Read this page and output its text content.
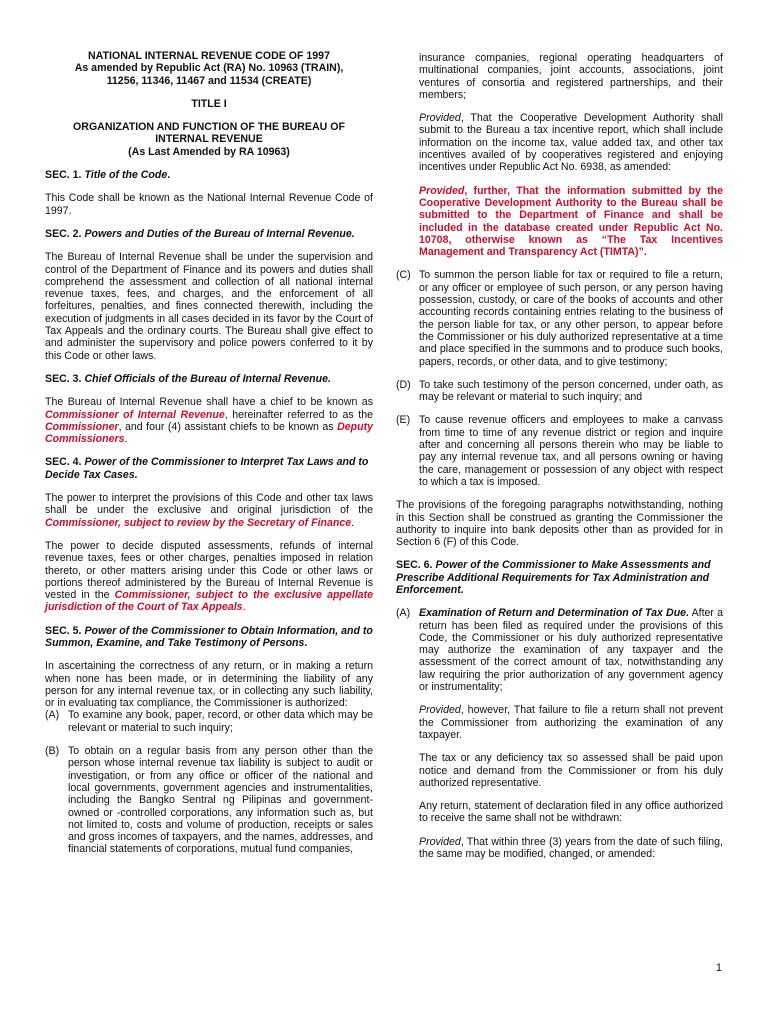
NATIONAL INTERNAL REVENUE CODE OF 1997
As amended by Republic Act (RA) No. 10963 (TRAIN),
11256, 11346, 11467 and 11534 (CREATE)
TITLE I
ORGANIZATION AND FUNCTION OF THE BUREAU OF INTERNAL REVENUE
(As Last Amended by RA 10963)
SEC. 1. Title of the Code.

This Code shall be known as the National Internal Revenue Code of 1997.

SEC. 2. Powers and Duties of the Bureau of Internal Revenue.

The Bureau of Internal Revenue shall be under the supervision and control of the Department of Finance and its powers and duties shall comprehend the assessment and collection of all national internal revenue taxes, fees, and charges, and the enforcement of all forfeitures, penalties, and fines connected therewith, including the execution of judgments in all cases decided in its favor by the Court of Tax Appeals and the ordinary courts. The Bureau shall give effect to and administer the supervisory and police powers conferred to it by this Code or other laws.

SEC. 3. Chief Officials of the Bureau of Internal Revenue.

The Bureau of Internal Revenue shall have a chief to be known as Commissioner of Internal Revenue, hereinafter referred to as the Commissioner, and four (4) assistant chiefs to be known as Deputy Commissioners.

SEC. 4. Power of the Commissioner to Interpret Tax Laws and to Decide Tax Cases.

The power to interpret the provisions of this Code and other tax laws shall be under the exclusive and original jurisdiction of the Commissioner, subject to review by the Secretary of Finance.

The power to decide disputed assessments, refunds of internal revenue taxes, fees or other charges, penalties imposed in relation thereto, or other matters arising under this Code or other laws or portions thereof administered by the Bureau of Internal Revenue is vested in the Commissioner, subject to the exclusive appellate jurisdiction of the Court of Tax Appeals.

SEC. 5. Power of the Commissioner to Obtain Information, and to Summon, Examine, and Take Testimony of Persons.

In ascertaining the correctness of any return, or in making a return when none has been made, or in determining the liability of any person for any internal revenue tax, or in collecting any such liability, or in evaluating tax compliance, the Commissioner is authorized:

(A) To examine any book, paper, record, or other data which may be relevant or material to such inquiry;
(B) To obtain on a regular basis from any person other than the person whose internal revenue tax liability is subject to audit or investigation, or from any office or officer of the national and local governments, government agencies and instrumentalities, including the Bangko Sentral ng Pilipinas and government-owned or -controlled corporations, any information such as, but not limited to, costs and volume of production, receipts or sales and gross incomes of taxpayers, and the names, addresses, and financial statements of corporations, mutual fund companies,

insurance companies, regional operating headquarters of multinational companies, joint accounts, associations, joint ventures of consortia and registered partnerships, and their members;

Provided, That the Cooperative Development Authority shall submit to the Bureau a tax incentive report, which shall include information on the income tax, value added tax, and other tax incentives availed of by cooperatives registered and enjoying incentives under Republic Act No. 6938, as amended:

Provided, further, That the information submitted by the Cooperative Development Authority to the Bureau shall be submitted to the Department of Finance and shall be included in the database created under Republic Act No. 10708, otherwise known as “The Tax Incentives Management and Transparency Act (TIMTA)”.

(C) To summon the person liable for tax or required to file a return, or any officer or employee of such person, or any person having possession, custody, or care of the books of accounts and other accounting records containing entries relating to the business of the person liable for tax, or any other person, to appear before the Commissioner or his duly authorized representative at a time and place specified in the summons and to produce such books, papers, records, or other data, and to give testimony;
(D) To take such testimony of the person concerned, under oath, as may be relevant or material to such inquiry; and
(E) To cause revenue officers and employees to make a canvass from time to time of any revenue district or region and inquire after and concerning all persons therein who may be liable to pay any internal revenue tax, and all persons owning or having the care, management or possession of any object with respect to which a tax is imposed.

The provisions of the foregoing paragraphs notwithstanding, nothing in this Section shall be construed as granting the Commissioner the authority to inquire into bank deposits other than as provided for in Section 6 (F) of this Code.

SEC. 6. Power of the Commissioner to Make Assessments and Prescribe Additional Requirements for Tax Administration and Enforcement.
(A) Examination of Return and Determination of Tax Due. After a return has been filed as required under the provisions of this Code, the Commissioner or his duly authorized representative may authorize the examination of any taxpayer and the assessment of the correct amount of tax, notwithstanding any law requiring the prior authorization of any government agency or instrumentality;

Provided, however, That failure to file a return shall not prevent the Commissioner from authorizing the examination of any taxpayer.

The tax or any deficiency tax so assessed shall be paid upon notice and demand from the Commissioner or from his duly authorized representative.

Any return, statement of declaration filed in any office authorized to receive the same shall not be withdrawn:

Provided, That within three (3) years from the date of such filing, the same may be modified, changed, or amended:

1
